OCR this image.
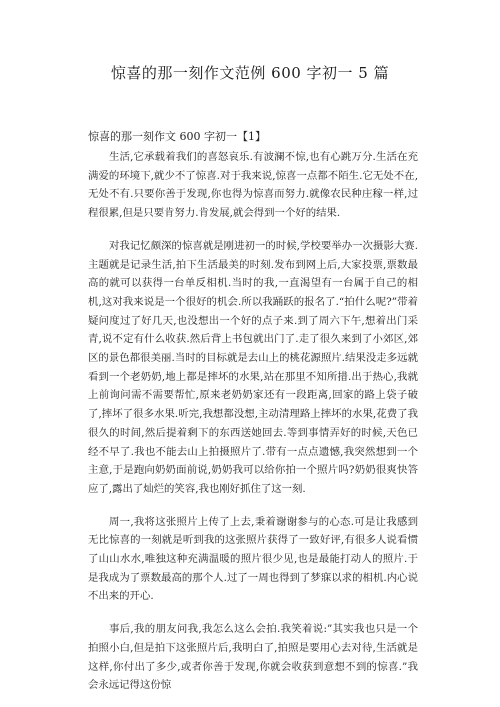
惊喜的那一刻作文范例 600 字初一 5 篇

惊喜的那一刻作文 600 字初一【1】

生活,它承载着我们的喜怒哀乐.有波澜不惊,也有心跳万分.生活在充满爱的环境下,就少不了惊喜.对于我来说,惊喜一点都不陌生.它无处不在,无处不有.只要你善于发现,你也得为惊喜而努力.就像农民种庄稼一样,过程很累,但是只要肯努力.肯发展,就会得到一个好的结果.

对我记忆颇深的惊喜就是刚进初一的时候,学校要举办一次摄影大赛.主题就是记录生活,拍下生活最美的时刻.发布到网上后,大家投票,票数最高的就可以获得一台单反相机.当时的我,一直渴望有一台属于自己的相机,这对我来说是一个很好的机会.所以我踊跃的报名了.“拍什么呢?”带着疑问度过了好几天,也没想出一个好的点子来.到了周六下午,想着出门采青,说不定有什么收获.然后背上书包就出门了.走了很久来到了小郊区,郊区的景色都很美丽.当时的目标就是去山上的桃花源照片.结果没走多远就看到一个老奶奶,地上都是摔坏的水果,站在那里不知所措.出于热心,我就上前询问需不需要帮忙,原来老奶奶家还有一段距离,回家的路上袋子破了,摔坏了很多水果.听完,我想都没想,主动清理路上摔坏的水果,花费了我很久的时间,然后提着剩下的东西送她回去.等到事情弄好的时候,天色已经不早了.我也不能去山上拍摄照片了.带有一点点遗憾,我突然想到一个主意,于是跑向奶奶面前说,奶奶我可以给你拍一个照片吗?奶奶很爽快答应了,露出了灿烂的笑容,我也刚好抓住了这一刻.

周一,我将这张照片上传了上去,秉着谢谢参与的心态.可是让我感到无比惊喜的一刻就是听到我的这张照片获得了一致好评,有很多人说看惯了山山水水,唯独这种充满温暖的照片很少见,也是最能打动人的照片.于是我成为了票数最高的那个人.过了一周也得到了梦寐以求的相机.内心说不出来的开心.

事后,我的朋友问我,我怎么这么会拍.我笑着说:”其实我也只是一个拍照小白,但是拍下这张照片后,我明白了,拍照是要用心去对待,生活就是这样,你付出了多少,或者你善于发现,你就会收获到意想不到的惊喜.”我会永远记得这份惊
